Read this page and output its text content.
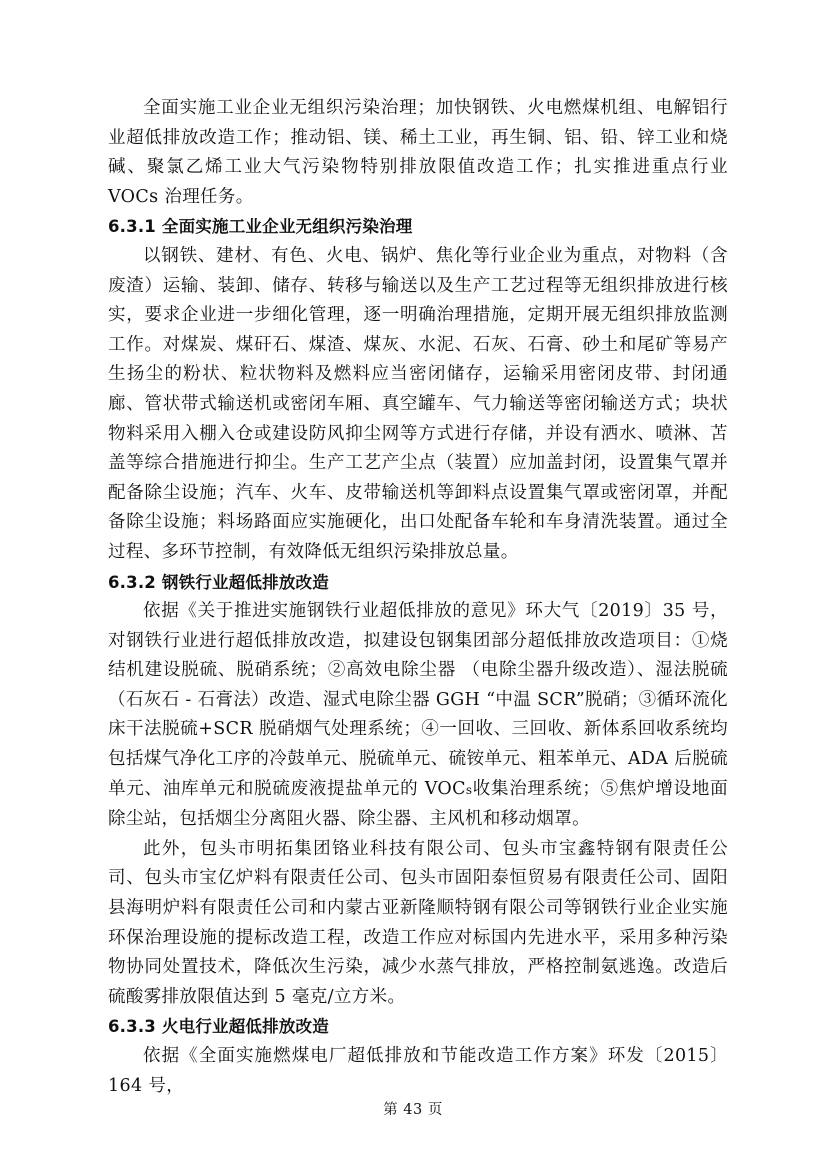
全面实施工业企业无组织污染治理；加快钢铁、火电燃煤机组、电解铝行业超低排放改造工作；推动铝、镁、稀土工业，再生铜、铝、铅、锌工业和烧碱、聚氯乙烯工业大气污染物特别排放限值改造工作；扎实推进重点行业 VOCs 治理任务。

6.3.1 全面实施工业企业无组织污染治理

以钢铁、建材、有色、火电、锅炉、焦化等行业企业为重点，对物料（含废渣）运输、装卸、储存、转移与输送以及生产工艺过程等无组织排放进行核实，要求企业进一步细化管理，逐一明确治理措施，定期开展无组织排放监测工作。对煤炭、煤矸石、煤渣、煤灰、水泥、石灰、石膏、砂土和尾矿等易产生扬尘的粉状、粒状物料及燃料应当密闭储存，运输采用密闭皮带、封闭通廊、管状带式输送机或密闭车厢、真空罐车、气力输送等密闭输送方式；块状物料采用入棚入仓或建设防风抑尘网等方式进行存储，并设有洒水、喷淋、苫盖等综合措施进行抑尘。生产工艺产尘点（装置）应加盖封闭，设置集气罩并配备除尘设施；汽车、火车、皮带输送机等卸料点设置集气罩或密闭罩，并配备除尘设施；料场路面应实施硬化，出口处配备车轮和车身清洗装置。通过全过程、多环节控制，有效降低无组织污染排放总量。

6.3.2 钢铁行业超低排放改造

依据《关于推进实施钢铁行业超低排放的意见》环大气〔2019〕35 号，对钢铁行业进行超低排放改造，拟建设包钢集团部分超低排放改造项目：①烧结机建设脱硫、脱硝系统；②高效电除尘器 （电除尘器升级改造）、湿法脱硫（石灰石 - 石膏法）改造、湿式电除尘器 GGH “中温 SCR”脱硝；③循环流化床干法脱硫+SCR 脱硝烟气处理系统；④一回收、三回收、新体系回收系统均包括煤气净化工序的冷鼓单元、脱硫单元、硫铵单元、粗苯单元、ADA 后脱硫单元、油库单元和脱硫废液提盐单元的 VOCs收集治理系统；⑤焦炉增设地面除尘站，包括烟尘分离阻火器、除尘器、主风机和移动烟罩。

此外，包头市明拓集团铬业科技有限公司、包头市宝鑫特钢有限责任公司、包头市宝亿炉料有限责任公司、包头市固阳泰恒贸易有限责任公司、固阳县海明炉料有限责任公司和内蒙古亚新隆顺特钢有限公司等钢铁行业企业实施环保治理设施的提标改造工程，改造工作应对标国内先进水平，采用多种污染物协同处置技术，降低次生污染，减少水蒸气排放，严格控制氨逃逸。改造后硫酸雾排放限值达到 5 毫克/立方米。

6.3.3 火电行业超低排放改造

依据《全面实施燃煤电厂超低排放和节能改造工作方案》环发〔2015〕164 号，

第 43 页
